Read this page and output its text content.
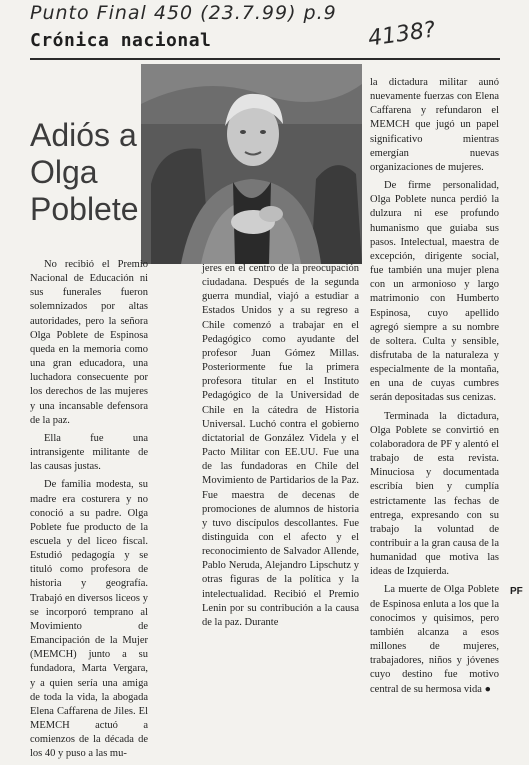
Punto Final 450 (23.7.99) p.9
4138?
Crónica nacional
Adiós a
Olga
Poblete

No recibió el Premio Nacional de Educación ni sus funerales fueron solemnizados por altas autoridades, pero la señora Olga Poblete de Espinosa queda en la memoria como una gran educadora, una luchadora consecuente por los derechos de las mujeres y una incansable defensora de la paz.

Ella fue una intransigente militante de las causas justas.

De familia modesta, su madre era costurera y no conoció a su padre. Olga Poblete fue producto de la escuela y del liceo fiscal. Estudió pedagogía y se tituló como profesora de historia y geografía. Trabajó en diversos liceos y se incorporó temprano al Movimiento de Emancipación de la Mujer (MEMCH) junto a su fundadora, Marta Vergara, y a quien sería una amiga de toda la vida, la abogada Elena Caffarena de Jiles. El MEMCH actuó a comienzos de la década de los 40 y puso a las mu-

jeres en el centro de la preocupación ciudadana. Después de la segunda guerra mundial, viajó a estudiar a Estados Unidos y a su regreso a Chile comenzó a trabajar en el Pedagógico como ayudante del profesor Juan Gómez Millas. Posteriormente fue la primera profesora titular en el Instituto Pedagógico de la Universidad de Chile en la cátedra de Historia Universal. Luchó contra el gobierno dictatorial de González Videla y el Pacto Militar con EE.UU. Fue una de las fundadoras en Chile del Movimiento de Partidarios de la Paz. Fue maestra de decenas de promociones de alumnos de historia y tuvo discípulos descollantes. Fue distinguida con el afecto y el reconocimiento de Salvador Allende, Pablo Neruda, Alejandro Lipschutz y otras figuras de la política y la intelectualidad. Recibió el Premio Lenin por su contribución a la causa de la paz. Durante

la dictadura militar aunó nuevamente fuerzas con Elena Caffarena y refundaron el MEMCH que jugó un papel significativo mientras emergían nuevas organizaciones de mujeres.

De firme personalidad, Olga Poblete nunca perdió la dulzura ni ese profundo humanismo que guiaba sus pasos. Intelectual, maestra de excepción, dirigente social, fue también una mujer plena con un armonioso y largo matrimonio con Humberto Espinosa, cuyo apellido agregó siempre a su nombre de soltera. Culta y sensible, disfrutaba de la naturaleza y especialmente de la montaña, en una de cuyas cumbres serán depositadas sus cenizas.

Terminada la dictadura, Olga Poblete se convirtió en colaboradora de PF y alentó el trabajo de esta revista. Minuciosa y documentada escribía bien y cumplía estrictamente las fechas de entrega, expresando con su trabajo la voluntad de contribuir a la gran causa de la humanidad que motiva las ideas de Izquierda.

La muerte de Olga Poblete de Espinosa enluta a los que la conocimos y quisimos, pero también alcanza a esos millones de mujeres, trabajadores, niños y jóvenes cuyo destino fue motivo central de su hermosa vida ●

PF
